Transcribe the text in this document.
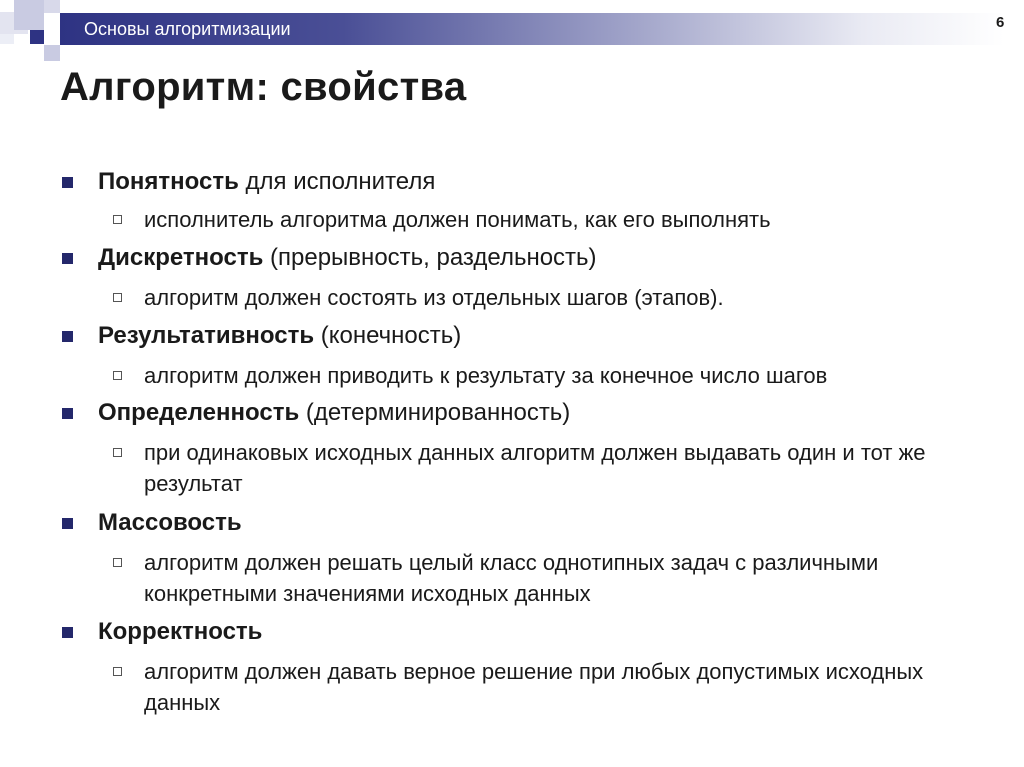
Основы алгоритмизации	6
Алгоритм: свойства
Понятность для исполнителя
исполнитель алгоритма должен понимать, как его выполнять
Дискретность (прерывность, раздельность)
алгоритм должен состоять из отдельных шагов (этапов).
Результативность (конечность)
алгоритм должен приводить к результату за конечное число шагов
Определенность (детерминированность)
при одинаковых исходных данных алгоритм должен выдавать один и тот же результат
Массовость
алгоритм должен решать целый класс однотипных задач с различными конкретными значениями исходных данных
Корректность
алгоритм должен давать верное решение при любых допустимых исходных данных
